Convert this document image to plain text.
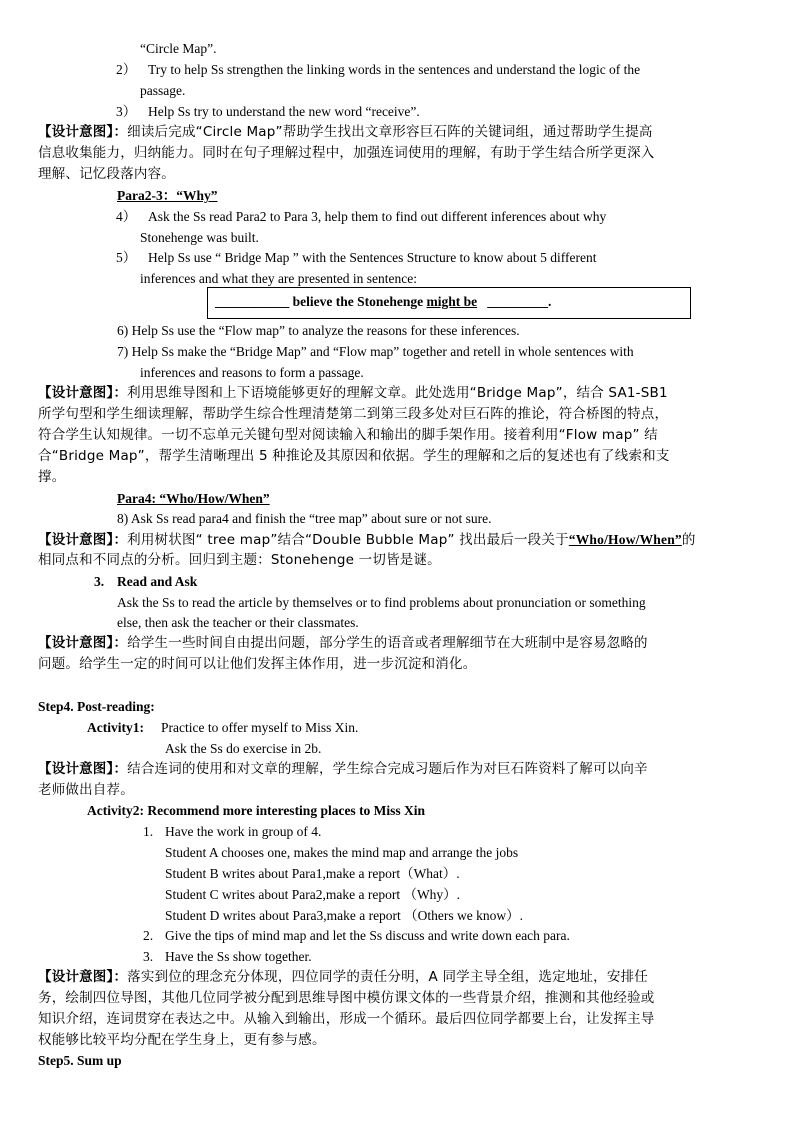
“Circle Map”.
2） Try to help Ss strengthen the linking words in the sentences and understand the logic of the
passage.
3） Help Ss try to understand the new word “receive”.
【设计意图】：细读后完成“Circle Map”帮助学生找出文章形容巨石阵的关键词组，通过帮助学生提高
信息收集能力，归纳能力。同时在句子理解过程中，加强连词使用的理解，有助于学生结合所学更深入
理解、记忆段落内容。
Para2-3：“Why”
4） Ask the Ss read Para2 to Para 3, help them to find out different inferences about why
Stonehenge was built.
5） Help Ss use “ Bridge Map ” with the Sentences Structure to know about 5 different
inferences and what they are presented in sentence:
___________ believe the Stonehenge might be _________.
6) Help Ss use the “Flow map” to analyze the reasons for these inferences.
7) Help Ss make the “Bridge Map” and “Flow map” together and retell in whole sentences with
inferences and reasons to form a passage.
【设计意图】：利用思维导图和上下语境能够更好的理解文章。此处选用“Bridge Map”，结合 SA1-SB1
所学句型和学生细读理解，帮助学生综合性理清楚第二到第三段多处对巨石阵的推论，符合桥图的特点，
符合学生认知规律。一切不忘单元关键句型对阅读输入和输出的脚手架作用。接着利用“Flow map” 结
合“Bridge Map”，帮学生清晰理出 5 种推论及其原因和依据。学生的理解和之后的复述也有了线索和支
撑。
Para4: “Who/How/When”
8) Ask Ss read para4 and finish the “tree map” about sure or not sure.
【设计意图】：利用树状图“ tree map”结合“Double Bubble Map” 找出最后一段关于“Who/How/When”的
相同点和不同点的分析。回归到主题：Stonehenge 一切皆是谜。
3. Read and Ask
Ask the Ss to read the article by themselves or to find problems about pronunciation or something
else, then ask the teacher or their classmates.
【设计意图】：给学生一些时间自由提出问题，部分学生的语音或者理解细节在大班制中是容易忽略的
问题。给学生一定的时间可以让他们发挥主体作用，进一步沉淀和消化。
Step4. Post-reading:
Activity1: Practice to offer myself to Miss Xin.
Ask the Ss do exercise in 2b.
【设计意图】：结合连词的使用和对文章的理解，学生综合完成习题后作为对巨石阵资料了解可以向辛
老师做出自荐。
Activity2: Recommend more interesting places to Miss Xin
1. Have the work in group of 4.
Student A chooses one, makes the mind map and arrange the jobs
Student B writes about Para1,make a report（What）.
Student C writes about Para2,make a report （Why）.
Student D writes about Para3,make a report （Others we know）.
2. Give the tips of mind map and let the Ss discuss and write down each para.
3. Have the Ss show together.
【设计意图】：落实到位的理念充分体现，四位同学的责任分明，A 同学主导全组，选定地址，安排任
务，绘制四位导图，其他几位同学被分配到思维导图中模仿课文体的一些背景介绍，推测和其他经验或
知识介绍，连词贯穿在表达之中。从输入到输出，形成一个循环。最后四位同学都要上台，让发挥主导
权能够比较平均分配在学生身上，更有参与感。
Step5. Sum up
